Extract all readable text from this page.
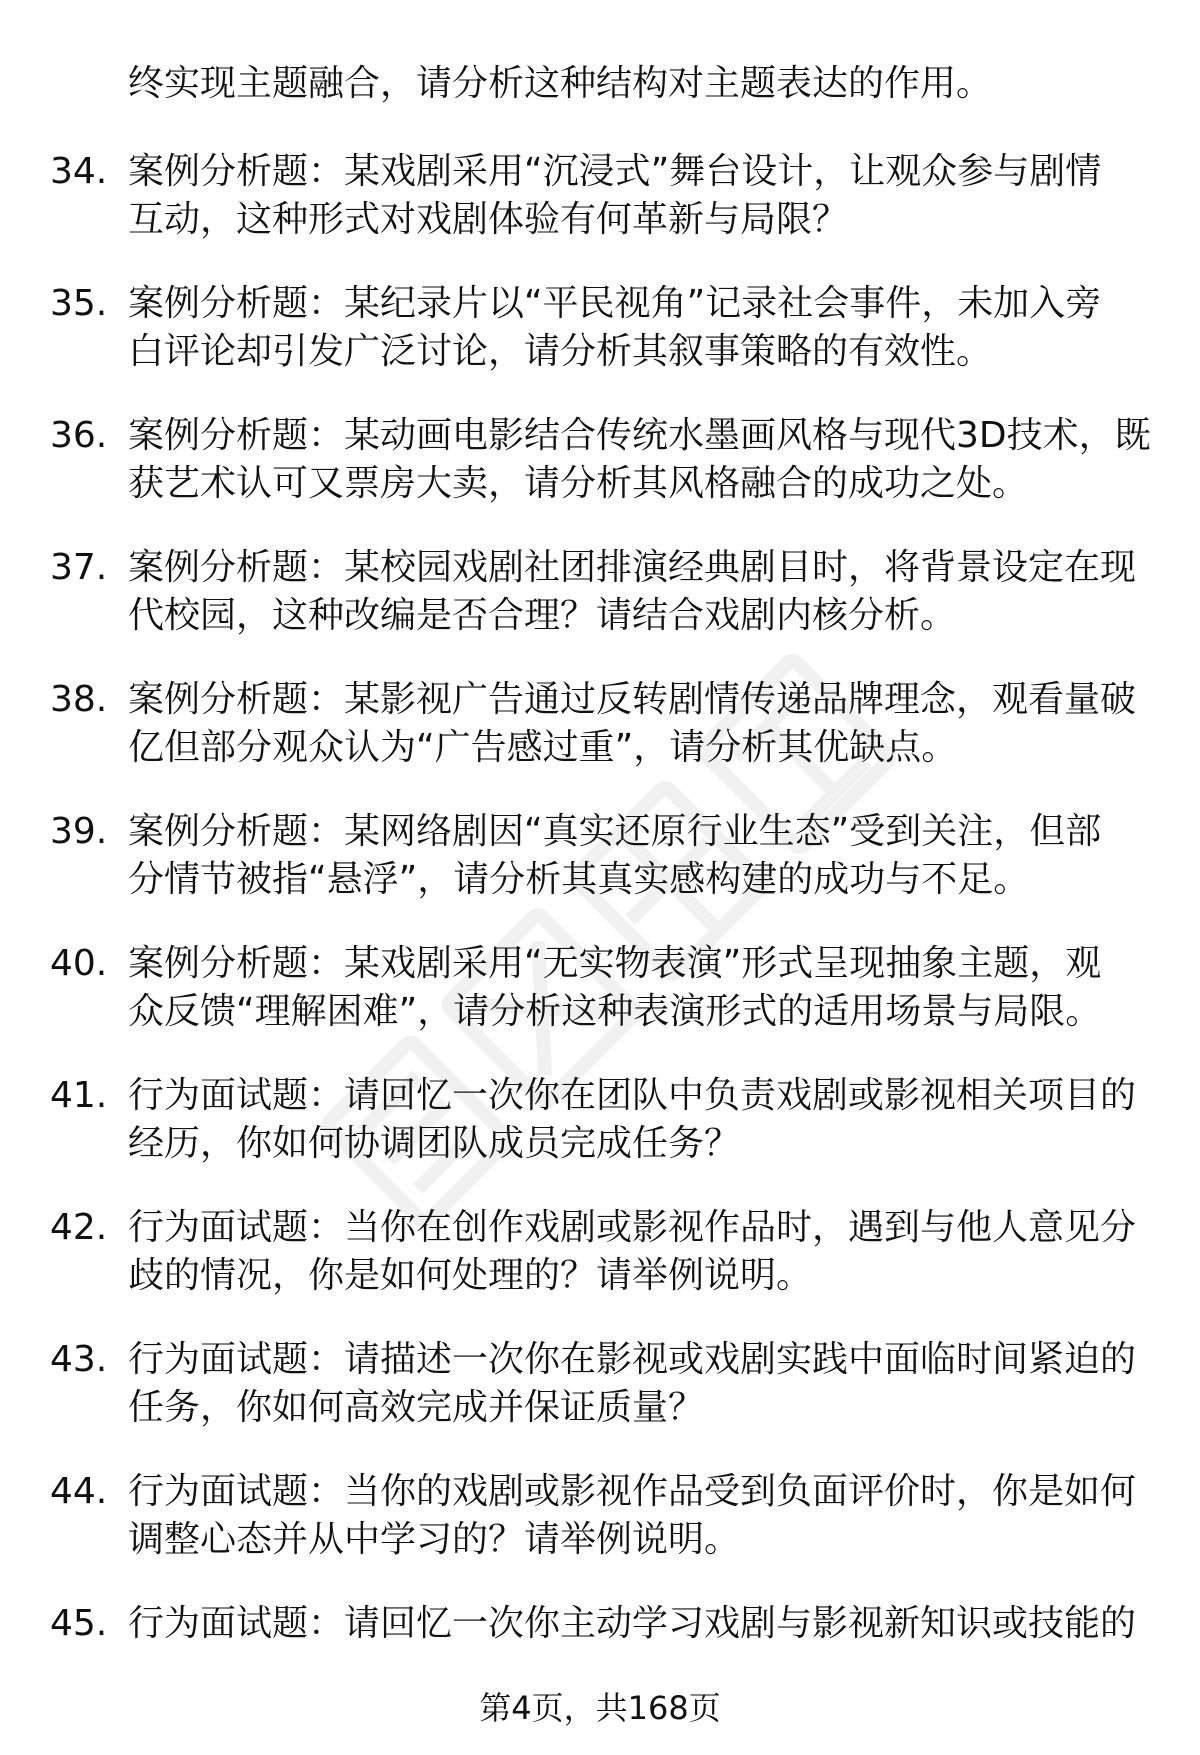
终实现主题融合，请分析这种结构对主题表达的作用。
34. 案例分析题：某戏剧采用“沉浸式”舞台设计，让观众参与剧情
互动，这种形式对戏剧体验有何革新与局限？
35. 案例分析题：某纪录片以“平民视角”记录社会事件，未加入旁
白评论却引发广泛讨论，请分析其叙事策略的有效性。
36. 案例分析题：某动画电影结合传统水墨画风格与现代3D技术，既
获艺术认可又票房大卖，请分析其风格融合的成功之处。
37. 案例分析题：某校园戏剧社团排演经典剧目时，将背景设定在现
代校园，这种改编是否合理？请结合戏剧内核分析。
38. 案例分析题：某影视广告通过反转剧情传递品牌理念，观看量破
亿但部分观众认为“广告感过重”，请分析其优缺点。
39. 案例分析题：某网络剧因“真实还原行业生态”受到关注，但部
分情节被指“悬浮”，请分析其真实感构建的成功与不足。
40. 案例分析题：某戏剧采用“无实物表演”形式呈现抽象主题，观
众反馈“理解困难”，请分析这种表演形式的适用场景与局限。
41. 行为面试题：请回忆一次你在团队中负责戏剧或影视相关项目的
经历，你如何协调团队成员完成任务？
42. 行为面试题：当你在创作戏剧或影视作品时，遇到与他人意见分
歧的情况，你是如何处理的？请举例说明。
43. 行为面试题：请描述一次你在影视或戏剧实践中面临时间紧迫的
任务，你如何高效完成并保证质量？
44. 行为面试题：当你的戏剧或影视作品受到负面评价时，你是如何
调整心态并从中学习的？请举例说明。
45. 行为面试题：请回忆一次你主动学习戏剧与影视新知识或技能的
第4页，共168页
